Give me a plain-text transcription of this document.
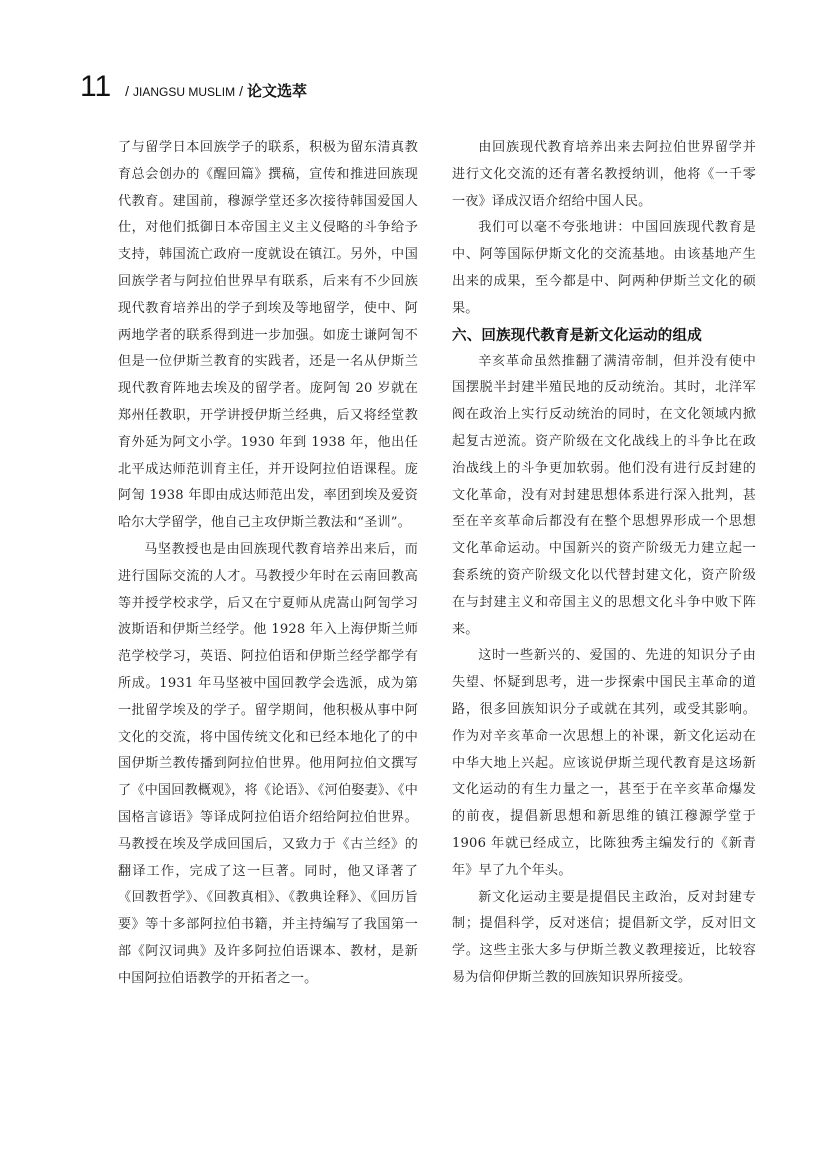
11 / JIANGSU MUSLIM / 论文选萃

了与留学日本回族学子的联系，积极为留东清真教育总会创办的《醒回篇》撰稿，宣传和推进回族现代教育。建国前，穆源学堂还多次接待韩国爱国人仕，对他们抵御日本帝国主义主义侵略的斗争给予支持，韩国流亡政府一度就设在镇江。另外，中国回族学者与阿拉伯世界早有联系，后来有不少回族现代教育培养出的学子到埃及等地留学，使中、阿两地学者的联系得到进一步加强。如庞士谦阿訇不但是一位伊斯兰教育的实践者，还是一名从伊斯兰现代教育阵地去埃及的留学者。庞阿訇 20 岁就在郑州任教职，开学讲授伊斯兰经典，后又将经堂教育外延为阿文小学。1930 年到 1938 年，他出任北平成达师范训育主任，并开设阿拉伯语课程。庞阿訇 1938 年即由成达师范出发，率团到埃及爱资哈尔大学留学，他自己主攻伊斯兰教法和“圣训”。

马坚教授也是由回族现代教育培养出来后，而进行国际交流的人才。马教授少年时在云南回教高等并授学校求学，后又在宁夏师从虎嵩山阿訇学习波斯语和伊斯兰经学。他 1928 年入上海伊斯兰师范学校学习，英语、阿拉伯语和伊斯兰经学都学有所成。1931 年马坚被中国回教学会选派，成为第一批留学埃及的学子。留学期间，他积极从事中阿文化的交流，将中国传统文化和已经本地化了的中国伊斯兰教传播到阿拉伯世界。他用阿拉伯文撰写了《中国回教概观》，将《论语》、《河伯娶妻》、《中国格言谚语》等译成阿拉伯语介绍给阿拉伯世界。马教授在埃及学成回国后，又致力于《古兰经》的翻译工作，完成了这一巨著。同时，他又译著了《回教哲学》、《回教真相》、《教典诠释》、《回历旨要》等十多部阿拉伯书籍，并主持编写了我国第一部《阿汉词典》及许多阿拉伯语课本、教材，是新中国阿拉伯语教学的开拓者之一。

由回族现代教育培养出来去阿拉伯世界留学并进行文化交流的还有著名教授纳训，他将《一千零一夜》译成汉语介绍给中国人民。

我们可以毫不夸张地讲：中国回族现代教育是中、阿等国际伊斯文化的交流基地。由该基地产生出来的成果，至今都是中、阿两种伊斯兰文化的硕果。

六、回族现代教育是新文化运动的组成

辛亥革命虽然推翻了满清帝制，但并没有使中国摆脱半封建半殖民地的反动统治。其时，北洋军阀在政治上实行反动统治的同时，在文化领域内掀起复古逆流。资产阶级在文化战线上的斗争比在政治战线上的斗争更加软弱。他们没有进行反封建的文化革命，没有对封建思想体系进行深入批判，甚至在辛亥革命后都没有在整个思想界形成一个思想文化革命运动。中国新兴的资产阶级无力建立起一套系统的资产阶级文化以代替封建文化，资产阶级在与封建主义和帝国主义的思想文化斗争中败下阵来。

这时一些新兴的、爱国的、先进的知识分子由失望、怀疑到思考，进一步探索中国民主革命的道路，很多回族知识分子或就在其列，或受其影响。作为对辛亥革命一次思想上的补课，新文化运动在中华大地上兴起。应该说伊斯兰现代教育是这场新文化运动的有生力量之一，甚至于在辛亥革命爆发的前夜，提倡新思想和新思维的镇江穆源学堂于 1906 年就已经成立，比陈独秀主编发行的《新青年》早了九个年头。

新文化运动主要是提倡民主政治，反对封建专制；提倡科学，反对迷信；提倡新文学，反对旧文学。这些主张大多与伊斯兰教义教理接近，比较容易为信仰伊斯兰教的回族知识界所接受。
